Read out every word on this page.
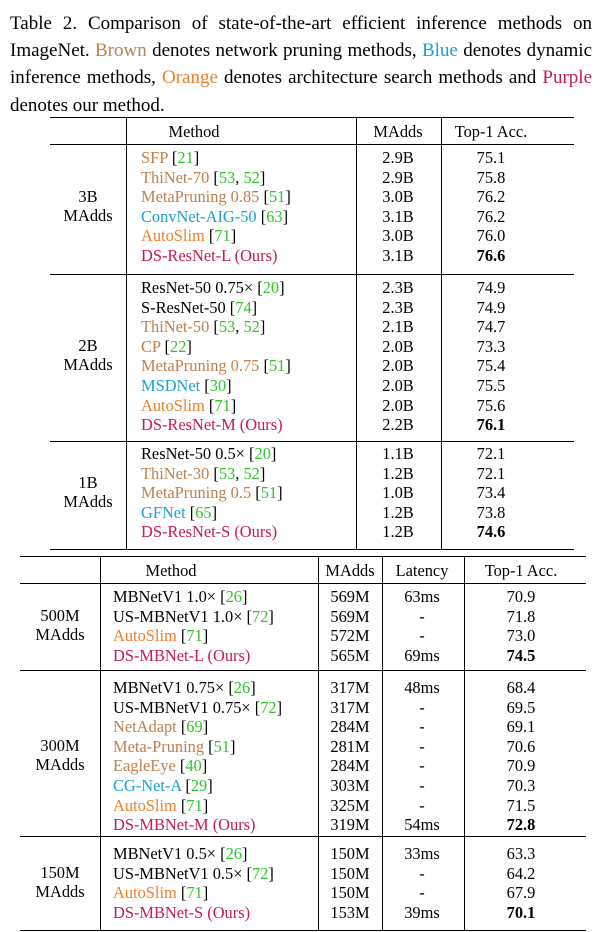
Table 2. Comparison of state-of-the-art efficient inference methods on ImageNet. Brown denotes network pruning methods, Blue denotes dynamic inference methods, Orange denotes architecture search methods and Purple denotes our method.
Method	MAdds Top-1 Acc.
3B
MAdds
SFP [21]	2.9B	75.1
ThiNet-70 [53, 52]	2.9B	75.8
MetaPruning 0.85 [51]	3.0B	76.2
ConvNet-AIG-50 [63]	3.1B	76.2
AutoSlim [71]	3.0B	76.0
DS-ResNet-L (Ours)	3.1B	76.6
2B
MAdds
ResNet-50 0.75× [20]	2.3B	74.9
S-ResNet-50 [74]	2.3B	74.9
ThiNet-50 [53, 52]	2.1B	74.7
CP [22]	2.0B	73.3
MetaPruning 0.75 [51]	2.0B	75.4
MSDNet [30]	2.0B	75.5
AutoSlim [71]	2.0B	75.6
DS-ResNet-M (Ours)	2.2B	76.1
1B
MAdds
ResNet-50 0.5× [20]	1.1B	72.1
ThiNet-30 [53, 52]	1.2B	72.1
MetaPruning 0.5 [51]	1.0B	73.4
GFNet [65]	1.2B	73.8
DS-ResNet-S (Ours)	1.2B	74.6
Method	MAdds Latency Top-1 Acc.
500M
MAdds
MBNetV1 1.0× [26]	569M 63ms	70.9
US-MBNetV1 1.0× [72]	569M	-	71.8
AutoSlim [71]	572M	-	73.0
DS-MBNet-L (Ours)	565M 69ms	74.5
300M
MAdds
MBNetV1 0.75× [26]	317M 48ms	68.4
US-MBNetV1 0.75× [72]	317M	-	69.5
NetAdapt [69]	284M	-	69.1
Meta-Pruning [51]	281M	-	70.6
EagleEye [40]	284M	-	70.9
CG-Net-A [29]	303M	-	70.3
AutoSlim [71]	325M	-	71.5
DS-MBNet-M (Ours)	319M 54ms	72.8
150M
MAdds
MBNetV1 0.5× [26]	150M 33ms	63.3
US-MBNetV1 0.5× [72]	150M	-	64.2
AutoSlim [71]	150M	-	67.9
DS-MBNet-S (Ours)	153M 39ms	70.1
